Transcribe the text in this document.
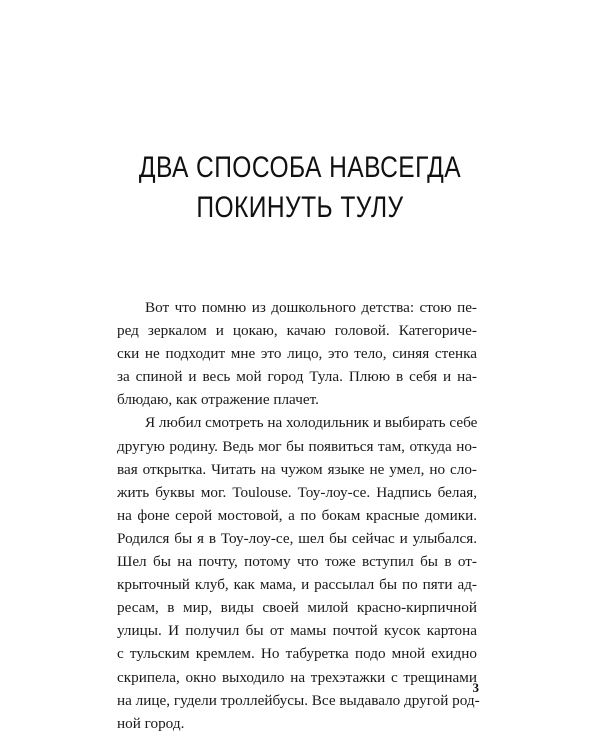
ДВА СПОСОБА НАВСЕГДА
ПОКИНУТЬ ТУЛУ
Вот что помню из дошкольного детства: стою пе-
ред зеркалом и цокаю, качаю головой. Категориче-
ски не подходит мне это лицо, это тело, синяя стенка
за спиной и весь мой город Тула. Плюю в себя и на-
блюдаю, как отражение плачет.
Я любил смотреть на холодильник и выбирать себе
другую родину. Ведь мог бы появиться там, откуда но-
вая открытка. Читать на чужом языке не умел, но сло-
жить буквы мог. Toulouse. Тоу-лоу-се. Надпись белая,
на фоне серой мостовой, а по бокам красные домики.
Родился бы я в Тоу-лоу-се, шел бы сейчас и улыбался.
Шел бы на почту, потому что тоже вступил бы в от-
крыточный клуб, как мама, и рассылал бы по пяти ад-
ресам, в мир, виды своей милой красно-кирпичной
улицы. И получил бы от мамы почтой кусок картона
с тульским кремлем. Но табуретка подо мной ехидно
скрипела, окно выходило на трехэтажки с трещинами
на лице, гудели троллейбусы. Все выдавало другой род-
ной город.
3
